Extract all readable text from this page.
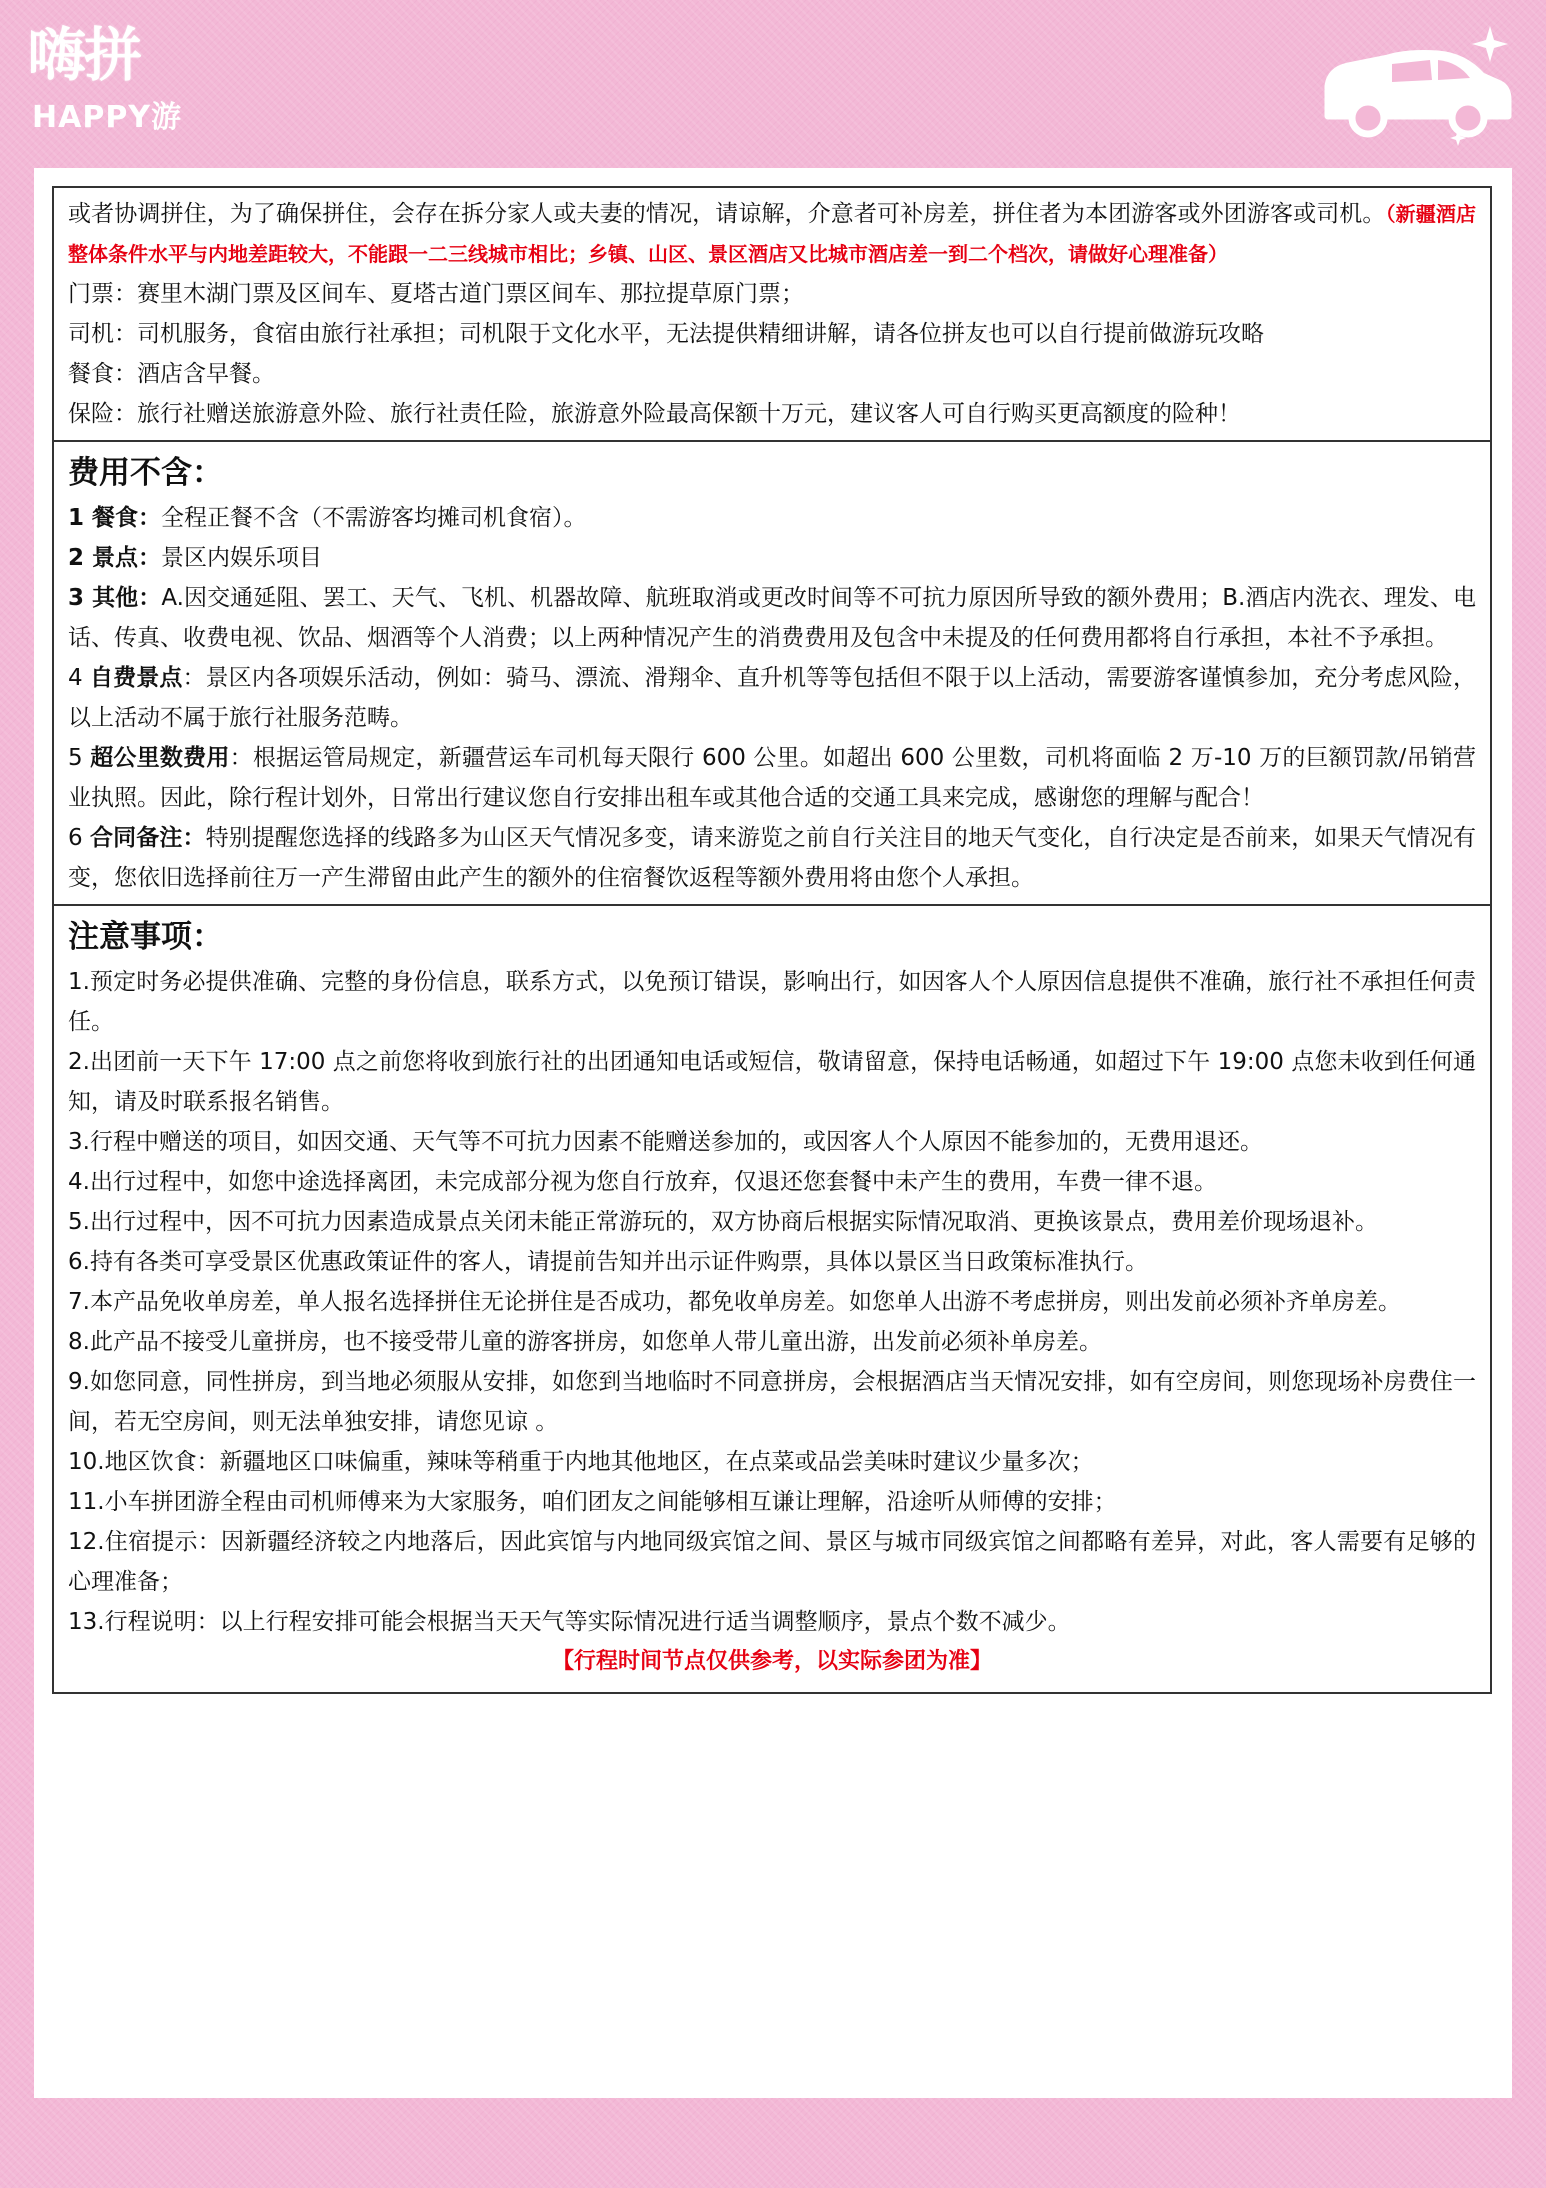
嗨拼
HAPPY游

或者协调拼住，为了确保拼住，会存在拆分家人或夫妻的情况，请谅解，介意者可补房差，拼住者为本团游客或外团游客或司机。（新疆酒店整体条件水平与内地差距较大，不能跟一二三线城市相比；乡镇、山区、景区酒店又比城市酒店差一到二个档次，请做好心理准备）

门票：赛里木湖门票及区间车、夏塔古道门票区间车、那拉提草原门票；

司机：司机服务，食宿由旅行社承担；司机限于文化水平，无法提供精细讲解，请各位拼友也可以自行提前做游玩攻略

餐食：酒店含早餐。

保险：旅行社赠送旅游意外险、旅行社责任险，旅游意外险最高保额十万元，建议客人可自行购买更高额度的险种！

费用不含：

1 餐食：全程正餐不含（不需游客均摊司机食宿）。

2 景点：景区内娱乐项目

3 其他：A.因交通延阻、罢工、天气、飞机、机器故障、航班取消或更改时间等不可抗力原因所导致的额外费用；B.酒店内洗衣、理发、电话、传真、收费电视、饮品、烟酒等个人消费；以上两种情况产生的消费费用及包含中未提及的任何费用都将自行承担，本社不予承担。

4 自费景点：景区内各项娱乐活动，例如：骑马、漂流、滑翔伞、直升机等等包括但不限于以上活动，需要游客谨慎参加，充分考虑风险，以上活动不属于旅行社服务范畴。

5 超公里数费用：根据运管局规定，新疆营运车司机每天限行 600 公里。如超出 600 公里数，司机将面临 2 万-10 万的巨额罚款/吊销营业执照。因此，除行程计划外，日常出行建议您自行安排出租车或其他合适的交通工具来完成，感谢您的理解与配合！

6 合同备注：特别提醒您选择的线路多为山区天气情况多变，请来游览之前自行关注目的地天气变化，自行决定是否前来，如果天气情况有变，您依旧选择前往万一产生滞留由此产生的额外的住宿餐饮返程等额外费用将由您个人承担。

注意事项：

1.预定时务必提供准确、完整的身份信息，联系方式，以免预订错误，影响出行，如因客人个人原因信息提供不准确，旅行社不承担任何责任。

2.出团前一天下午 17:00 点之前您将收到旅行社的出团通知电话或短信，敬请留意，保持电话畅通，如超过下午 19:00 点您未收到任何通知，请及时联系报名销售。

3.行程中赠送的项目，如因交通、天气等不可抗力因素不能赠送参加的，或因客人个人原因不能参加的，无费用退还。

4.出行过程中，如您中途选择离团，未完成部分视为您自行放弃，仅退还您套餐中未产生的费用，车费一律不退。

5.出行过程中，因不可抗力因素造成景点关闭未能正常游玩的，双方协商后根据实际情况取消、更换该景点，费用差价现场退补。

6.持有各类可享受景区优惠政策证件的客人，请提前告知并出示证件购票，具体以景区当日政策标准执行。

7.本产品免收单房差，单人报名选择拼住无论拼住是否成功，都免收单房差。如您单人出游不考虑拼房，则出发前必须补齐单房差。

8.此产品不接受儿童拼房，也不接受带儿童的游客拼房，如您单人带儿童出游，出发前必须补单房差。

9.如您同意，同性拼房，到当地必须服从安排，如您到当地临时不同意拼房，会根据酒店当天情况安排，如有空房间，则您现场补房费住一间，若无空房间，则无法单独安排，请您见谅 。

10.地区饮食：新疆地区口味偏重，辣味等稍重于内地其他地区，在点菜或品尝美味时建议少量多次；

11.小车拼团游全程由司机师傅来为大家服务，咱们团友之间能够相互谦让理解，沿途听从师傅的安排；

12.住宿提示：因新疆经济较之内地落后，因此宾馆与内地同级宾馆之间、景区与城市同级宾馆之间都略有差异，对此，客人需要有足够的心理准备；

13.行程说明：以上行程安排可能会根据当天天气等实际情况进行适当调整顺序，景点个数不减少。

【行程时间节点仅供参考，以实际参团为准】
